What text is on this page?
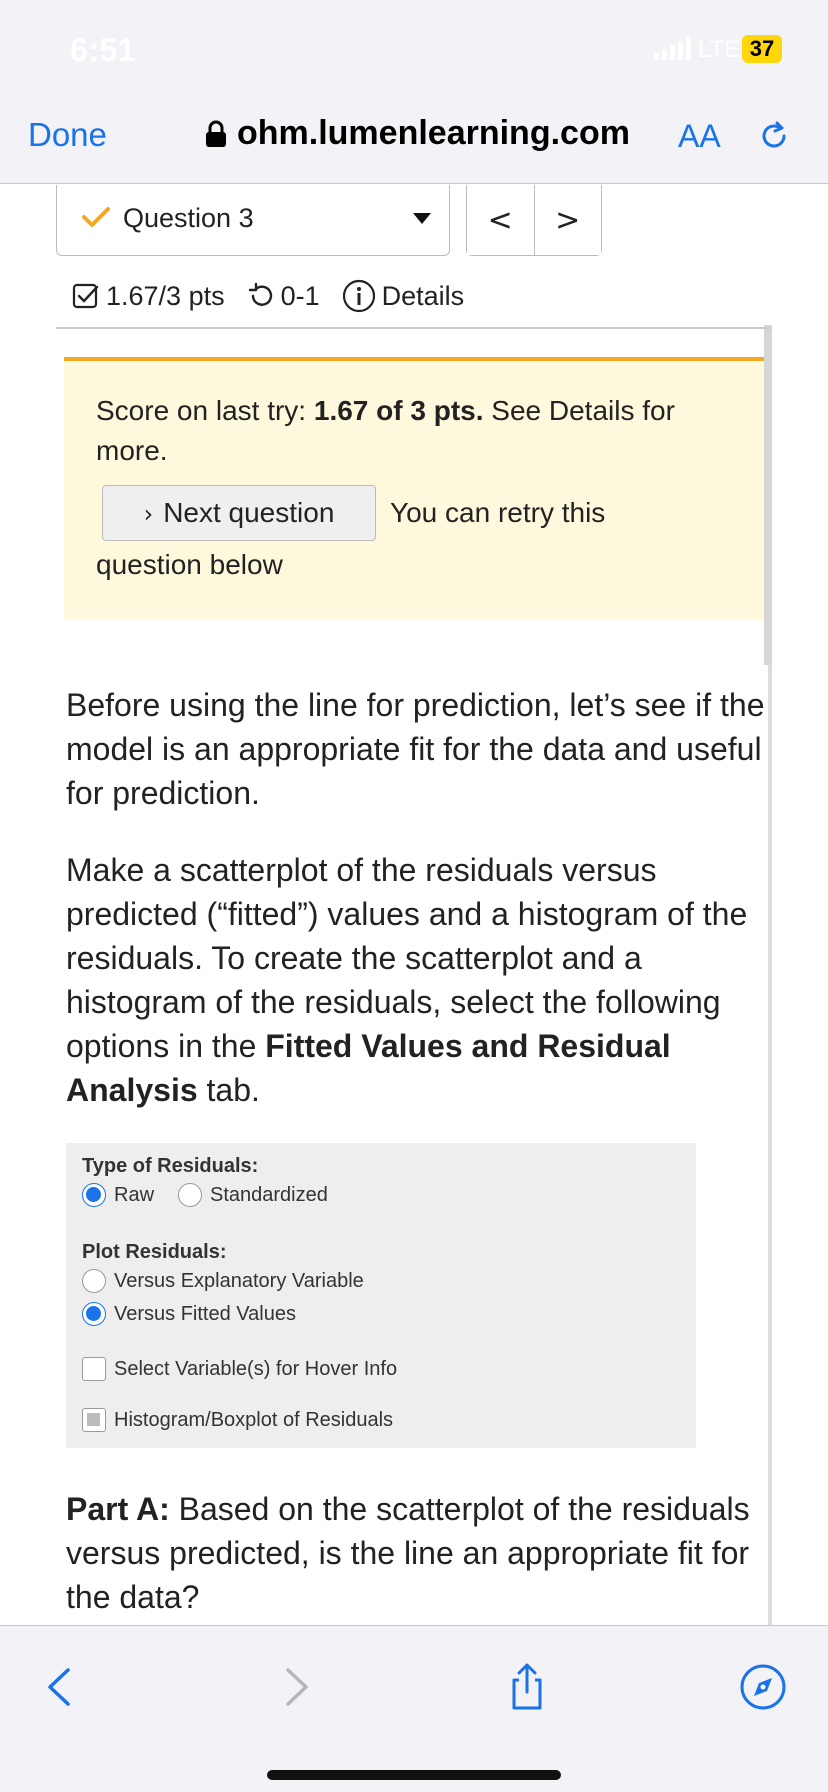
6:51	LTE 37
Done	ohm.lumenlearning.com AA
Question 3	<	>
1.67/3 pts 0-1 Details
Score on last try: 1.67 of 3 pts. See Details for more.
› Next question	You can retry this
question below
Before using the line for prediction, let’s see if the model is an appropriate fit for the data and useful for prediction.
Make a scatterplot of the residuals versus predicted (“fitted”) values and a histogram of the residuals. To create the scatterplot and a histogram of the residuals, select the following options in the Fitted Values and Residual Analysis tab.
Type of Residuals:
Raw	Standardized
Plot Residuals:
Versus Explanatory Variable
Versus Fitted Values
Select Variable(s) for Hover Info
Histogram/Boxplot of Residuals
Part A: Based on the scatterplot of the residuals versus predicted, is the line an appropriate fit for the data?
